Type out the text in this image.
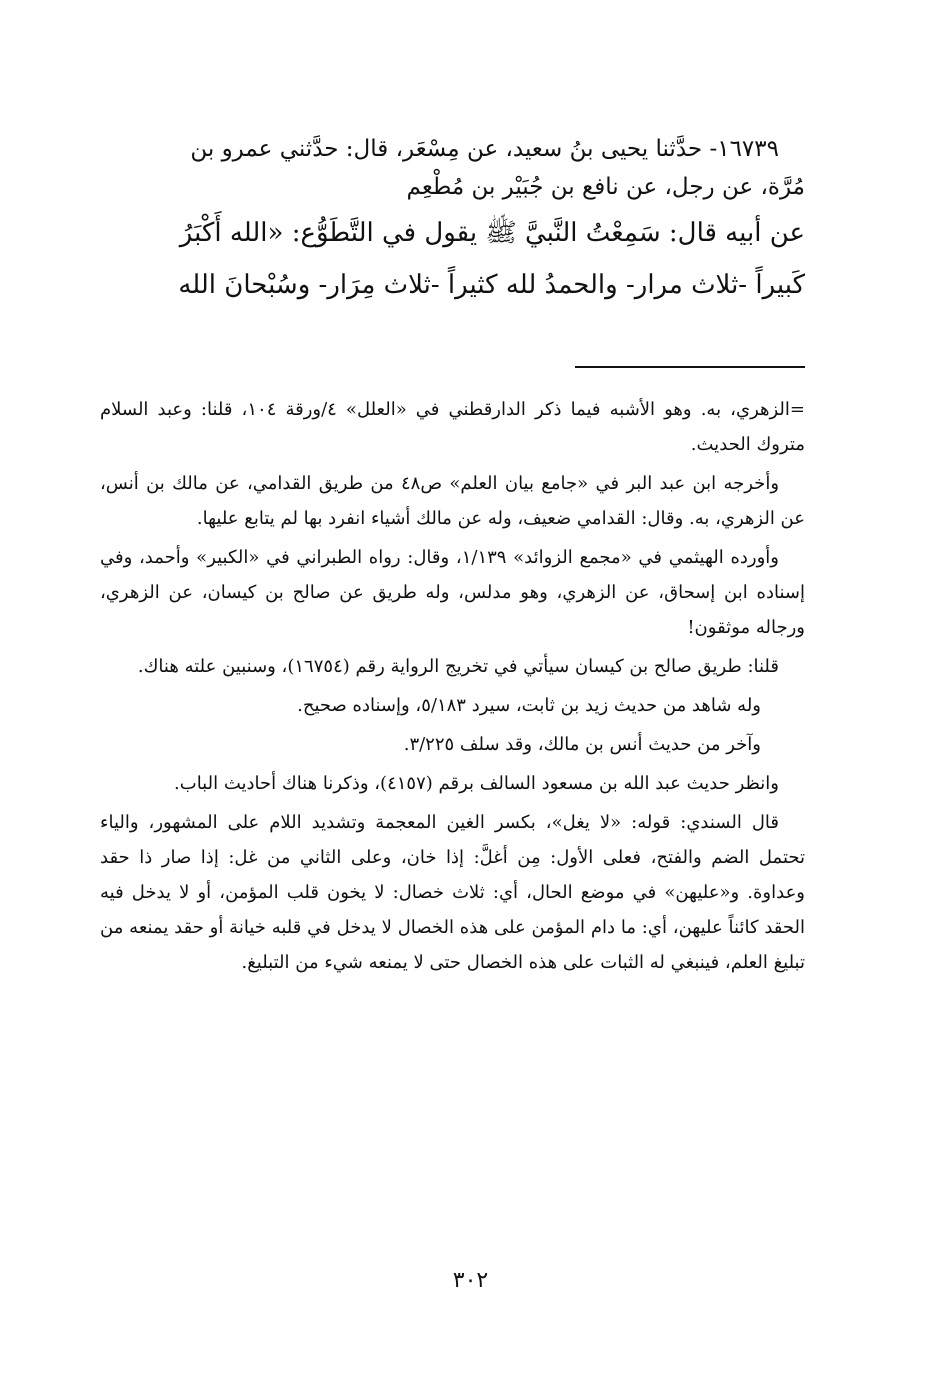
١٦٧٣٩- حدَّثنا يحيى بنُ سعيد، عن مِسْعَر، قال: حدَّثني عمرو بن

مُرَّة، عن رجل، عن نافع بن جُبَيْر بن مُطْعِم

عن أبيه قال: سَمِعْتُ النَّبيَّ ﷺ يقول في التَّطَوُّع: «الله أَكْبَرُ

كَبيراً -ثلاث مرار- والحمدُ لله كثيراً -ثلاث مِرَار- وسُبْحانَ الله

=الزهري، به. وهو الأشبه فيما ذكر الدارقطني في «العلل» ٤/ورقة ١٠٤، قلنا: وعبد السلام متروك الحديث.

وأخرجه ابن عبد البر في «جامع بيان العلم» ص٤٨ من طريق القدامي، عن مالك بن أنس، عن الزهري، به. وقال: القدامي ضعيف، وله عن مالك أشياء انفرد بها لم يتابع عليها.

وأورده الهيثمي في «مجمع الزوائد» ١/١٣٩، وقال: رواه الطبراني في «الكبير» وأحمد، وفي إسناده ابن إسحاق، عن الزهري، وهو مدلس، وله طريق عن صالح بن كيسان، عن الزهري، ورجاله موثقون!

قلنا: طريق صالح بن كيسان سيأتي في تخريج الرواية رقم (١٦٧٥٤)، وسنبين علته هناك.

وله شاهد من حديث زيد بن ثابت، سيرد ٥/١٨٣، وإسناده صحيح.

وآخر من حديث أنس بن مالك، وقد سلف ٣/٢٢٥.

وانظر حديث عبد الله بن مسعود السالف برقم (٤١٥٧)، وذكرنا هناك أحاديث الباب.

قال السندي: قوله: «لا يغل»، بكسر الغين المعجمة وتشديد اللام على المشهور، والياء تحتمل الضم والفتح، فعلى الأول: مِن أغلَّ: إذا خان، وعلى الثاني من غل: إذا صار ذا حقد وعداوة. و«عليهن» في موضع الحال، أي: ثلاث خصال: لا يخون قلب المؤمن، أو لا يدخل فيه الحقد كائناً عليهن، أي: ما دام المؤمن على هذه الخصال لا يدخل في قلبه خيانة أو حقد يمنعه من تبليغ العلم، فينبغي له الثبات على هذه الخصال حتى لا يمنعه شيء من التبليغ.

٣٠٢
